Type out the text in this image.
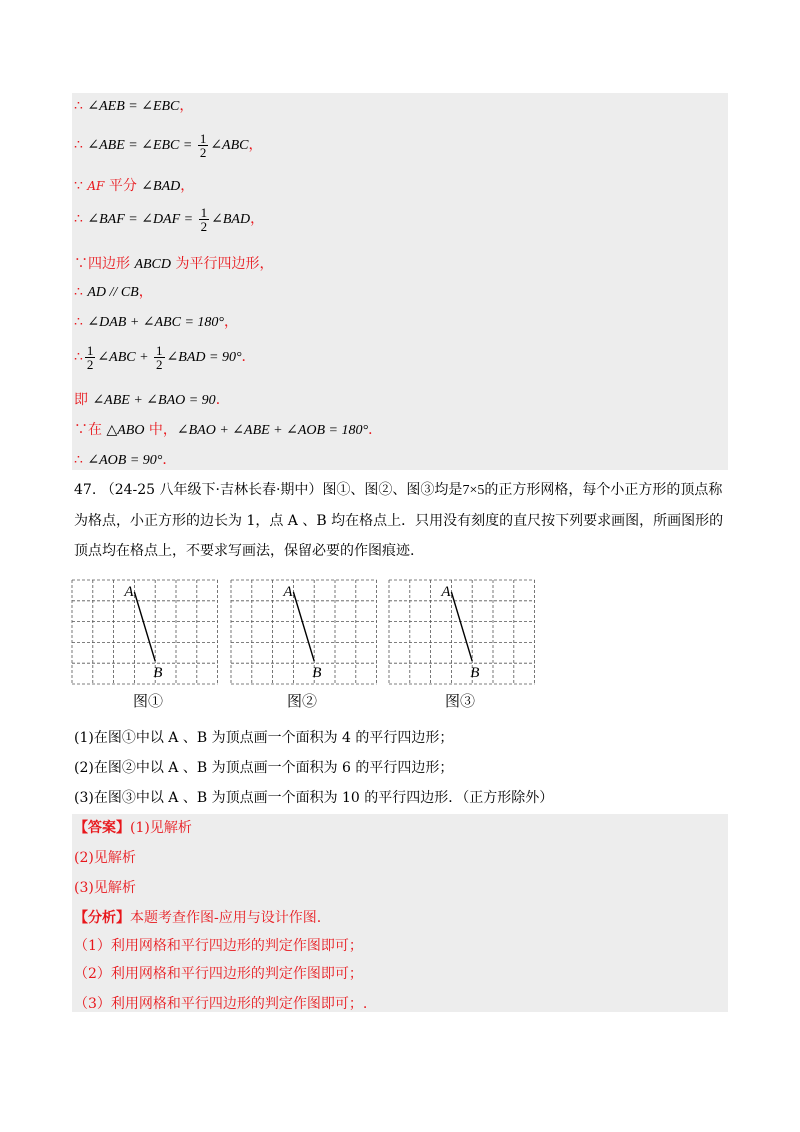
∴ ∠AEB = ∠EBC，
∴ ∠ABE = ∠EBC = $\frac{1}{2}$ ∠ABC，
∵ AF 平分 ∠BAD，
∴ ∠BAF = ∠DAF = $\frac{1}{2}$ ∠BAD，
∵四边形 ABCD 为平行四边形，
∴ AD // CB，
∴ ∠DAB + ∠ABC = 180°，
∴ $\frac{1}{2}$ ∠ABC + $\frac{1}{2}$ ∠BAD = 90°．
即 ∠ABE + ∠BAO = 90．
∵在 △ABO 中，∠BAO + ∠ABE + ∠AOB = 180°．
∴ ∠AOB = 90°．
47. （24-25 八年级下·吉林长春·期中）图①、图②、图③均是7×5的正方形网格，每个小正方形的顶点称
为格点，小正方形的边长为 1，点 A 、B 均在格点上．只用没有刻度的直尺按下列要求画图，所画图形的
顶点均在格点上，不要求写画法，保留必要的作图痕迹.
A
B
A
B
A
B
图①	图②	图③
(1)在图①中以 A 、B 为顶点画一个面积为 4 的平行四边形；
(2)在图②中以 A 、B 为顶点画一个面积为 6 的平行四边形；
(3)在图③中以 A 、B 为顶点画一个面积为 10 的平行四边形．（正方形除外）
【答案】(1)见解析
(2)见解析
(3)见解析
【分析】本题考查作图-应用与设计作图.
（1）利用网格和平行四边形的判定作图即可；
（2）利用网格和平行四边形的判定作图即可；
（3）利用网格和平行四边形的判定作图即可；.
